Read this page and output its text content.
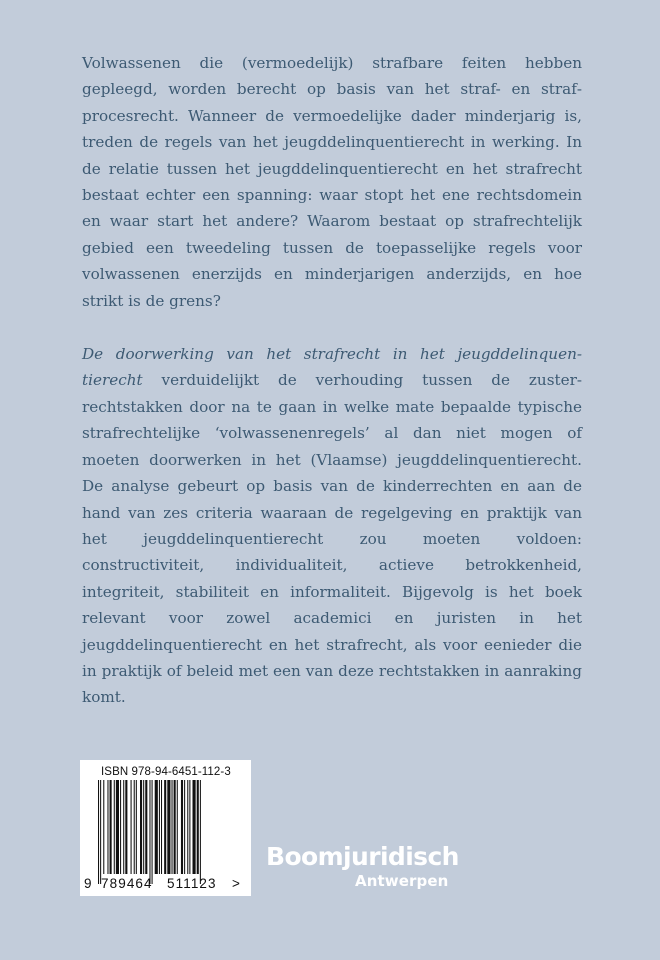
Volwassenen die (vermoedelijk) strafbare feiten hebben gepleegd, worden berecht op basis van het straf- en strafprocesrecht. Wanneer de vermoedelijke dader minderjarig is, treden de regels van het jeugddelinquentierecht in werking. In de relatie tussen het jeugddelinquentierecht en het strafrecht bestaat echter een spanning: waar stopt het ene rechtsdomein en waar start het andere? Waarom bestaat op strafrechtelijk gebied een tweedeling tussen de toepasselijke regels voor volwassenen enerzijds en minderjarigen anderzijds, en hoe strikt is de grens?

De doorwerking van het strafrecht in het jeugddelinquentierecht verduidelijkt de verhouding tussen de zusterrechtstakken door na te gaan in welke mate bepaalde typische strafrechtelijke ‘volwassenenregels’ al dan niet mogen of moeten doorwerken in het (Vlaamse) jeugddelinquentierecht. De analyse gebeurt op basis van de kinderrechten en aan de hand van zes criteria waaraan de regelgeving en praktijk van het jeugddelinquentierecht zou moeten voldoen: constructiviteit, individualiteit, actieve betrokkenheid, integriteit, stabiliteit en informaliteit. Bijgevolg is het boek relevant voor zowel academici en juristen in het jeugddelinquentierecht en het strafrecht, als voor eenieder die in praktijk of beleid met een van deze rechtstakken in aanraking komt.

ISBN 978-94-6451-112-3
9 789464 511123 >
Boomjuridisch
Antwerpen
